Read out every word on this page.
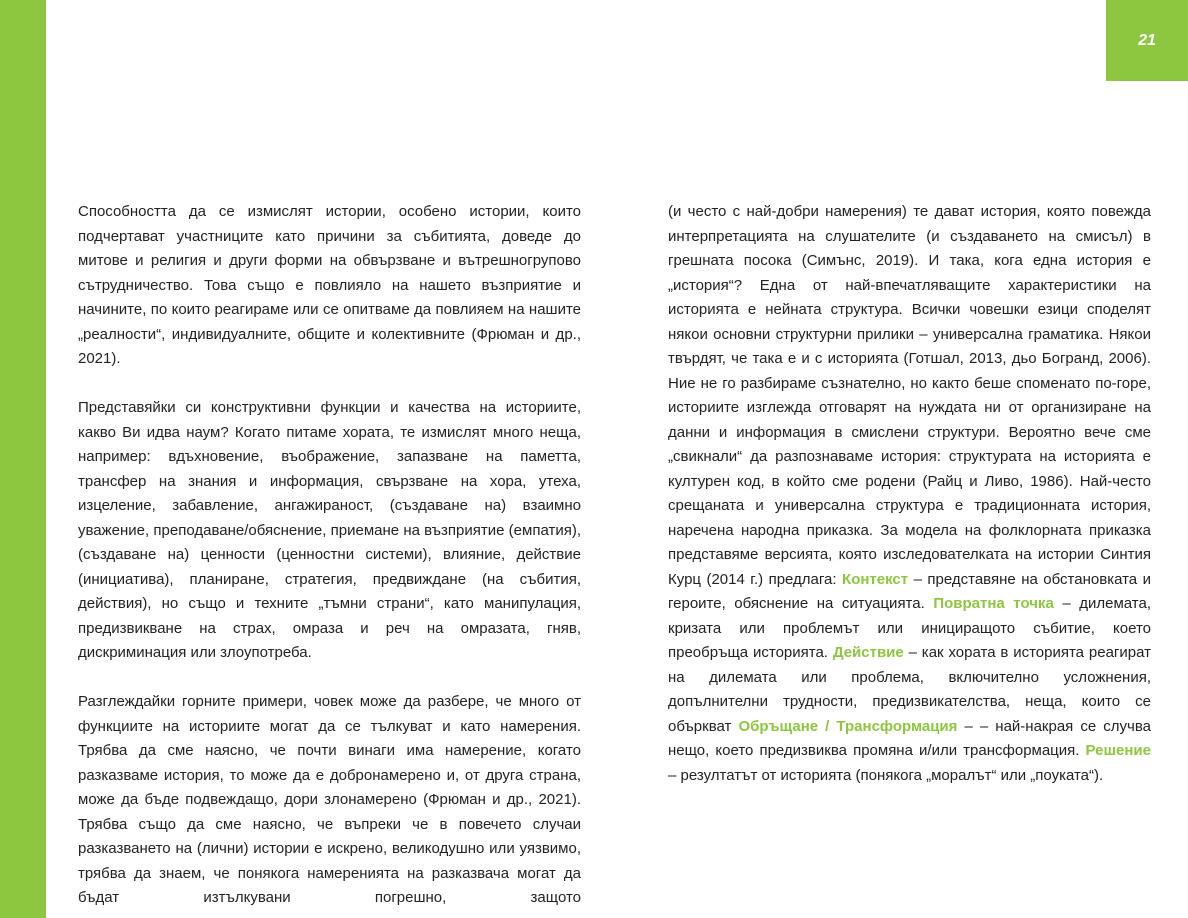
21

Способността да се измислят истории, особено истории, които подчертават участниците като причини за събитията, доведе до митове и религия и други форми на обвързване и вътрешногрупово сътрудничество. Това също е повлияло на нашето възприятие и начините, по които реагираме или се опитваме да повлияем на нашите „реалности“, индивидуалните, общите и колективните (Фрюман и др., 2021).

Представяйки си конструктивни функции и качества на историите, какво Ви идва наум? Когато питаме хората, те измислят много неща, например: вдъхновение, въображение, запазване на паметта, трансфер на знания и информация, свързване на хора, утеха, изцеление, забавление, ангажираност, (създаване на) взаимно уважение, преподаване/обяснение, приемане на възприятие (емпатия), (създаване на) ценности (ценностни системи), влияние, действие (инициатива), планиране, стратегия, предвиждане (на събития, действия), но също и техните „тъмни страни“, като манипулация, предизвикване на страх, омраза и реч на омразата, гняв, дискриминация или злоупотреба.

Разглеждайки горните примери, човек може да разбере, че много от функциите на историите могат да се тълкуват и като намерения. Трябва да сме наясно, че почти винаги има намерение, когато разказваме история, то може да е добронамерено и, от друга страна, може да бъде подвеждащо, дори злонамерено (Фрюман и др., 2021). Трябва също да сме наясно, че въпреки че в повечето случаи разказването на (лични) истории е искрено, великодушно или уязвимо, трябва да знаем, че понякога намеренията на разказвача могат да бъдат изтълкувани погрешно, защото

(и често с най-добри намерения) те дават история, която повежда интерпретацията на слушателите (и създаването на смисъл) в грешната посока (Симънс, 2019). И така, кога една история е „история“? Една от най-впечатляващите характеристики на историята е нейната структура. Всички човешки езици споделят някои основни структурни прилики – универсална граматика. Някои твърдят, че така е и с историята (Готшал, 2013, дьо Богранд, 2006). Ние не го разбираме съзнателно, но както беше споменато по-горе, историите изглежда отговарят на нуждата ни от организиране на данни и информация в смислени структури. Вероятно вече сме „свикнали“ да разпознаваме история: структурата на историята е културен код, в който сме родени (Райц и Ливо, 1986). Най-често срещаната и универсална структура е традиционната история, наречена народна приказка. За модела на фолклорната приказка представяме версията, която изследователката на истории Синтия Курц (2014 г.) предлага: Контекст – представяне на обстановката и героите, обяснение на ситуацията. Повратна точка – дилемата, кризата или проблемът или инициращото събитие, което преобръща историята. Действие – как хората в историята реагират на дилемата или проблема, включително усложнения, допълнителни трудности, предизвикателства, неща, които се объркват Обръщане / Трансформация – – най-накрая се случва нещо, което предизвиква промяна и/или трансформация. Решение – резултатът от историята (понякога „моралът“ или „поуката“).
